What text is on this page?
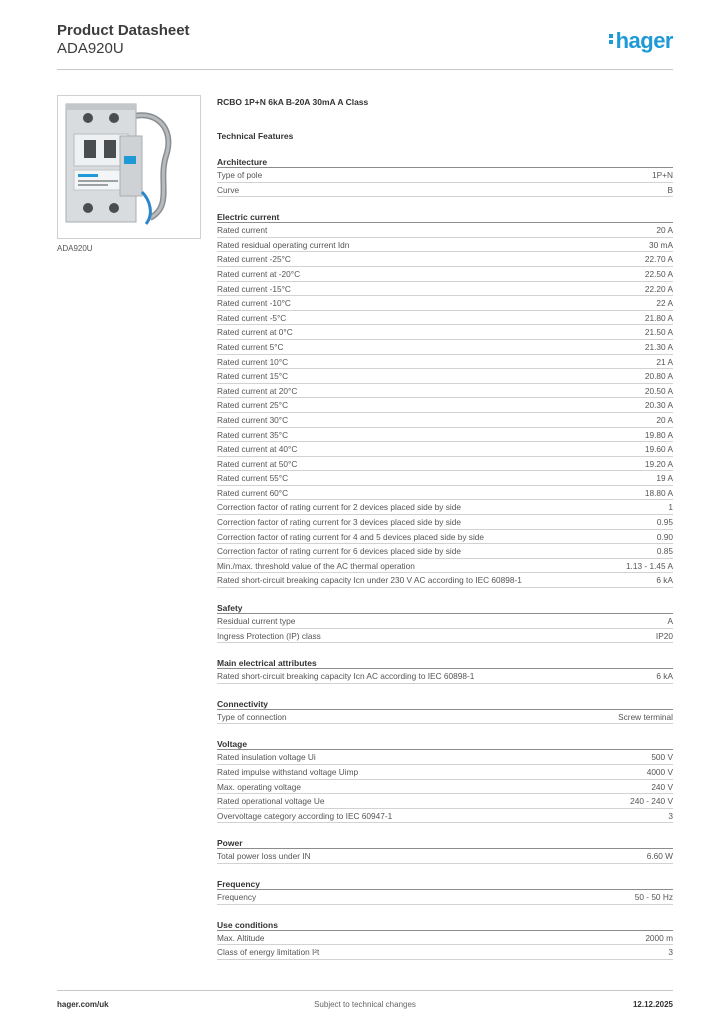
Product Datasheet
ADA920U	hager
ADA920U
RCBO 1P+N 6kA B-20A 30mA A Class
Technical Features
Architecture
Type of pole	1P+N
Curve	B
Electric current
Rated current	20 A
Rated residual operating current Idn	30 mA
Rated current -25°C	22.70 A
Rated current at -20°C	22.50 A
Rated current -15°C	22.20 A
Rated current -10°C	22 A
Rated current -5°C	21.80 A
Rated current at 0°C	21.50 A
Rated current 5°C	21.30 A
Rated current 10°C	21 A
Rated current 15°C	20.80 A
Rated current at 20°C	20.50 A
Rated current 25°C	20.30 A
Rated current 30°C	20 A
Rated current 35°C	19.80 A
Rated current at 40°C	19.60 A
Rated current at 50°C	19.20 A
Rated current 55°C	19 A
Rated current 60°C	18.80 A
Correction factor of rating current for 2 devices placed side by side	1
Correction factor of rating current for 3 devices placed side by side	0.95
Correction factor of rating current for 4 and 5 devices placed side by side	0.90
Correction factor of rating current for 6 devices placed side by side	0.85
Min./max. threshold value of the AC thermal operation	1.13 - 1.45 A
Rated short-circuit breaking capacity Icn under 230 V AC according to IEC 60898-1	6 kA
Safety
Residual current type	A
Ingress Protection (IP) class	IP20
Main electrical attributes
Rated short-circuit breaking capacity Icn AC according to IEC 60898-1	6 kA
Connectivity
Type of connection	Screw terminal
Voltage
Rated insulation voltage Ui	500 V
Rated impulse withstand voltage Uimp	4000 V
Max. operating voltage	240 V
Rated operational voltage Ue	240 - 240 V
Overvoltage category according to IEC 60947-1	3
Power
Total power loss under IN	6.60 W
Frequency
Frequency	50 - 50 Hz
Use conditions
Max. Altitude	2000 m
Class of energy limitation I²t	3
hager.com/uk	Subject to technical changes	12.12.2025
